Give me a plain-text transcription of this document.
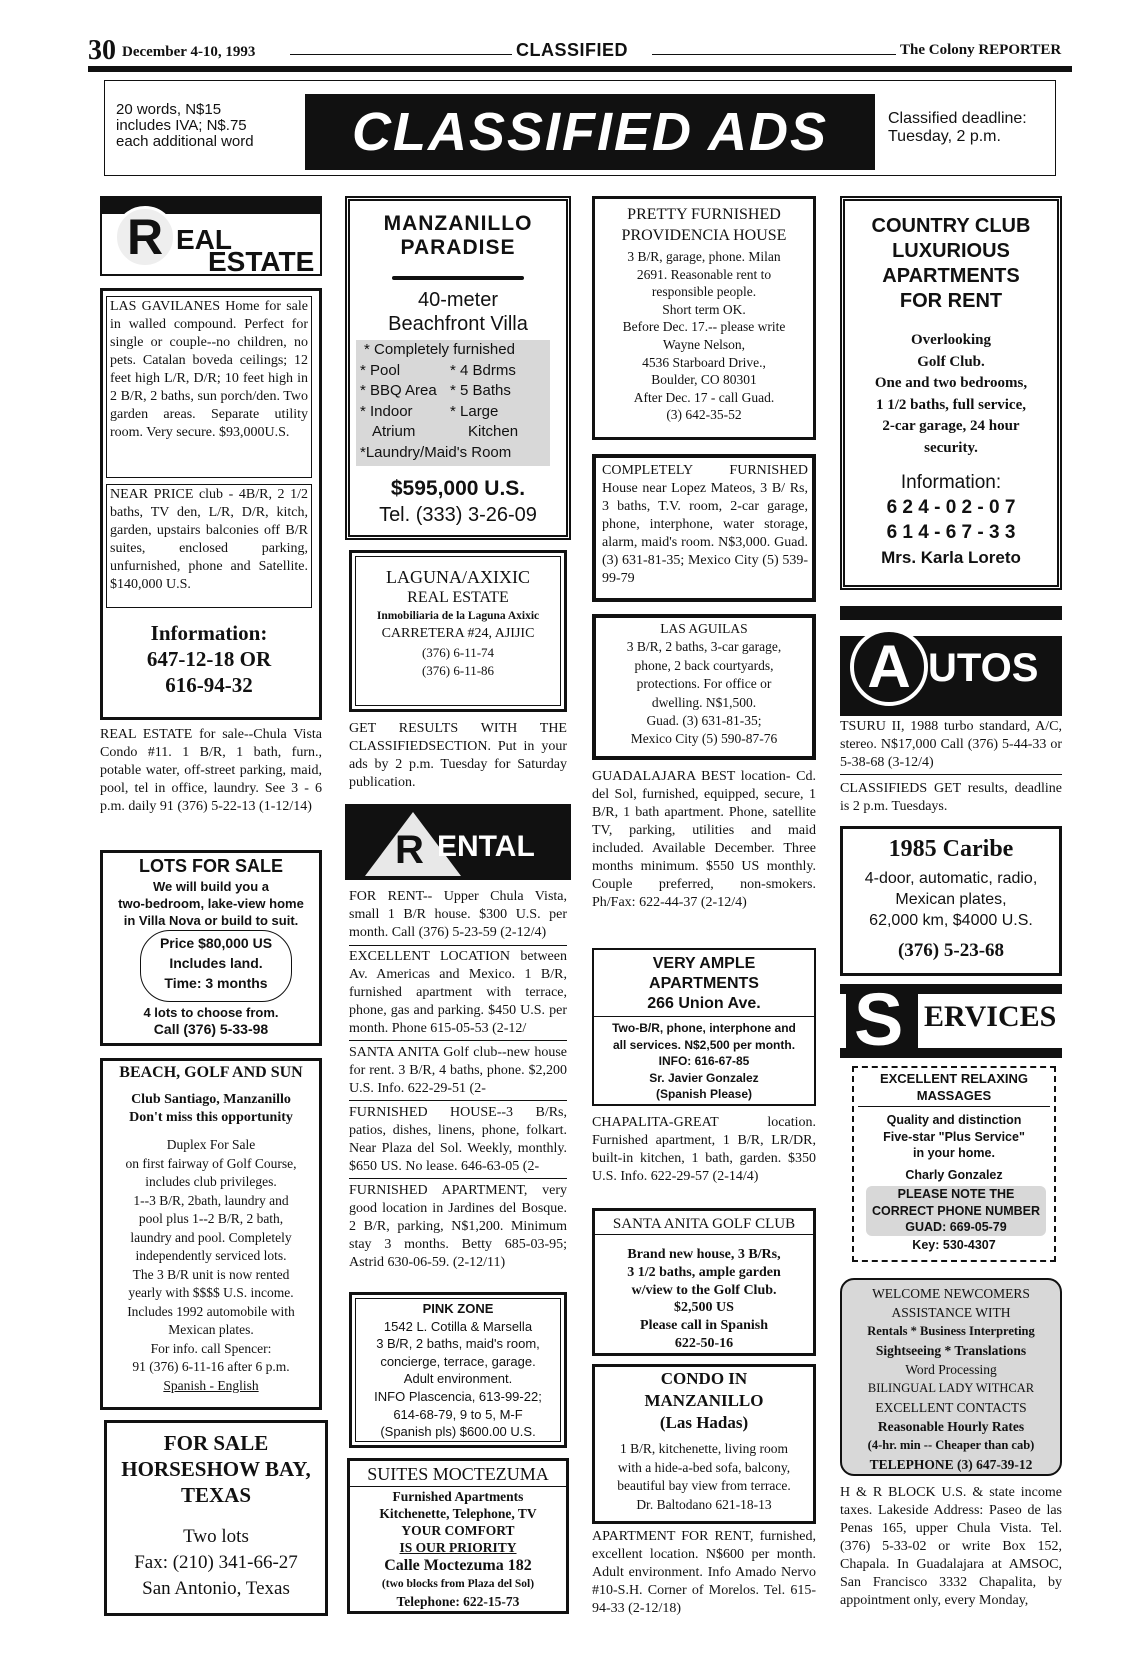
30 December 4-10, 1993	CLASSIFIED	The Colony REPORTER
20 words, N$15
includes IVA; N$.75
each additional word	CLASSIFIED ADS	Classified deadline:
Tuesday, 2 p.m.
R EAL
ESTATE

LAS GAVILANES Home for sale in walled compound. Perfect for single or couple--no children, no pets. Catalan boveda ceilings; 12 feet high L/R, D/R; 10 feet high in 2 B/R, 2 baths, sun porch/den. Two garden areas. Separate utility room. Very secure. $93,000U.S.

NEAR PRICE club - 4B/R, 2 1/2 baths, TV den, L/R, D/R, kitch, garden, upstairs balconies off B/R suites, enclosed parking, unfurnished, phone and Satellite. $140,000 U.S.

Information:
647-12-18 OR
616-94-32

REAL ESTATE for sale--Chula Vista Condo #11. 1 B/R, 1 bath, furn., potable water, off-street parking, maid, pool, tel in office, laundry. See 3 - 6 p.m. daily 91 (376) 5-22-13 (1-12/14)

LOTS FOR SALE
We will build you a
two-bedroom, lake-view home
in Villa Nova or build to suit.
Price $80,000 US
Includes land.
Time: 3 months
4 lots to choose from.
Call (376) 5-33-98
BEACH, GOLF AND SUN
Club Santiago, Manzanillo
Don't miss this opportunity
Duplex For Sale
on first fairway of Golf Course,
includes club privileges.
1--3 B/R, 2bath, laundry and
pool plus 1--2 B/R, 2 bath,
laundry and pool. Completely
independently serviced lots.
The 3 B/R unit is now rented
yearly with $$$$ U.S. income.
Includes 1992 automobile with
Mexican plates.
For info. call Spencer:
91 (376) 6-11-16 after 6 p.m.
Spanish - English
FOR SALE
HORSESHOW BAY,
TEXAS
Two lots
Fax: (210) 341-66-27
San Antonio, Texas
MANZANILLO
PARADISE
40-meter
Beachfront Villa
* Completely furnished
* Pool	* 4 Bdrms
* BBQ Area * 5 Baths
* Indoor	* Large
Atrium	Kitchen
*Laundry/Maid's Room
$595,000 U.S.
Tel. (333) 3-26-09
LAGUNA/AXIXIC
REAL ESTATE
Inmobiliaria de la Laguna Axixic
CARRETERA #24, AJIJIC
(376) 6-11-74
(376) 6-11-86

GET RESULTS WITH THE CLASSIFIEDSECTION. Put in your ads by 2 p.m. Tuesday for Saturday publication.

R ENTAL

FOR RENT-- Upper Chula Vista, small 1 B/R house. $300 U.S. per month. Call (376) 5-23-59 (2-12/4)

EXCELLENT LOCATION between Av. Americas and Mexico. 1 B/R, furnished apartment with terrace, phone, gas and parking. $450 U.S. per month. Phone 615-05-53 (2-12/

SANTA ANITA Golf club--new house for rent. 3 B/R, 4 baths, phone. $2,200 U.S. Info. 622-29-51 (2-

FURNISHED HOUSE--3 B/Rs, patios, dishes, linens, phone, folkart. Near Plaza del Sol. Weekly, monthly. $650 US. No lease. 646-63-05 (2-

FURNISHED APARTMENT, very good location in Jardines del Bosque. 2 B/R, parking, N$1,200. Minimum stay 3 months. Betty 685-03-95; Astrid 630-06-59. (2-12/11)

PINK ZONE
1542 L. Cotilla & Marsella
3 B/R, 2 baths, maid's room,
concierge, terrace, garage.
Adult environment.
INFO Plascencia, 613-99-22;
614-68-79, 9 to 5, M-F
(Spanish pls) $600.00 U.S.
SUITES MOCTEZUMA
Furnished Apartments
Kitchenette, Telephone, TV
YOUR COMFORT
IS OUR PRIORITY
Calle Moctezuma 182
(two blocks from Plaza del Sol)
Telephone: 622-15-73
PRETTY FURNISHED
PROVIDENCIA HOUSE
3 B/R, garage, phone. Milan
2691. Reasonable rent to
responsible people.
Short term OK.
Before Dec. 17.-- please write
Wayne Nelson,
4536 Starboard Drive.,
Boulder, CO 80301
After Dec. 17 - call Guad.
(3) 642-35-52

COMPLETELY FURNISHED House near Lopez Mateos, 3 B/ Rs, 3 baths, T.V. room, 2-car garage, phone, interphone, water storage, alarm, maid's room. N$3,000. Guad. (3) 631-81-35; Mexico City (5) 539-99-79

LAS AGUILAS
3 B/R, 2 baths, 3-car garage,
phone, 2 back courtyards,
protections. For office or
dwelling. N$1,500.
Guad. (3) 631-81-35;
Mexico City (5) 590-87-76

GUADALAJARA BEST location- Cd. del Sol, furnished, equipped, secure, 1 B/R, 1 bath apartment. Phone, satellite TV, parking, utilities and maid included. Available December. Three months minimum. $550 US monthly. Couple preferred, non-smokers. Ph/Fax: 622-44-37 (2-12/4)

VERY AMPLE
APARTMENTS
266 Union Ave.
Two-B/R, phone, interphone and
all services. N$2,500 per month.
INFO: 616-67-85
Sr. Javier Gonzalez
(Spanish Please)

CHAPALITA-GREAT location. Furnished apartment, 1 B/R, LR/DR, built-in kitchen, 1 bath, garden. $350 U.S. Info. 622-29-57 (2-14/4)

SANTA ANITA GOLF CLUB
Brand new house, 3 B/Rs,
3 1/2 baths, ample garden
w/view to the Golf Club.
$2,500 US
Please call in Spanish
622-50-16
CONDO IN
MANZANILLO
(Las Hadas)
1 B/R, kitchenette, living room
with a hide-a-bed sofa, balcony,
beautiful bay view from terrace.
Dr. Baltodano 621-18-13

APARTMENT FOR RENT, furnished, excellent location. N$600 per month. Adult environment. Info Amado Nervo #10-S.H. Corner of Morelos. Tel. 615-94-33 (2-12/18)

COUNTRY CLUB
LUXURIOUS
APARTMENTS
FOR RENT
Overlooking
Golf Club.
One and two bedrooms,
1 1/2 baths, full service,
2-car garage, 24 hour
security.
Information:
6 2 4 - 0 2 - 0 7
6 1 4 - 6 7 - 3 3
Mrs. Karla Loreto
A UTOS

TSURU II, 1988 turbo standard, A/C, stereo. N$17,000 Call (376) 5-44-33 or 5-38-68 (3-12/4)

CLASSIFIEDS GET results, deadline is 2 p.m. Tuesdays.

1985 Caribe
4-door, automatic, radio,
Mexican plates,
62,000 km, $4000 U.S.
(376) 5-23-68
S ERVICES
EXCELLENT RELAXING
MASSAGES
Quality and distinction
Five-star "Plus Service"
in your home.
Charly Gonzalez
PLEASE NOTE THE
CORRECT PHONE NUMBER
GUAD: 669-05-79
Key: 530-4307
WELCOME NEWCOMERS
ASSISTANCE WITH
Rentals * Business Interpreting
Sightseeing * Translations
Word Processing
BILINGUAL LADY WITHCAR
EXCELLENT CONTACTS
Reasonable Hourly Rates
(4-hr. min -- Cheaper than cab)
TELEPHONE (3) 647-39-12

H & R BLOCK U.S. & state income taxes. Lakeside Address: Paseo de las Penas 165, upper Chula Vista. Tel. (376) 5-33-02 or write Box 152, Chapala. In Guadalajara at AMSOC, San Francisco 3332 Chapalita, by appointment only, every Monday,
